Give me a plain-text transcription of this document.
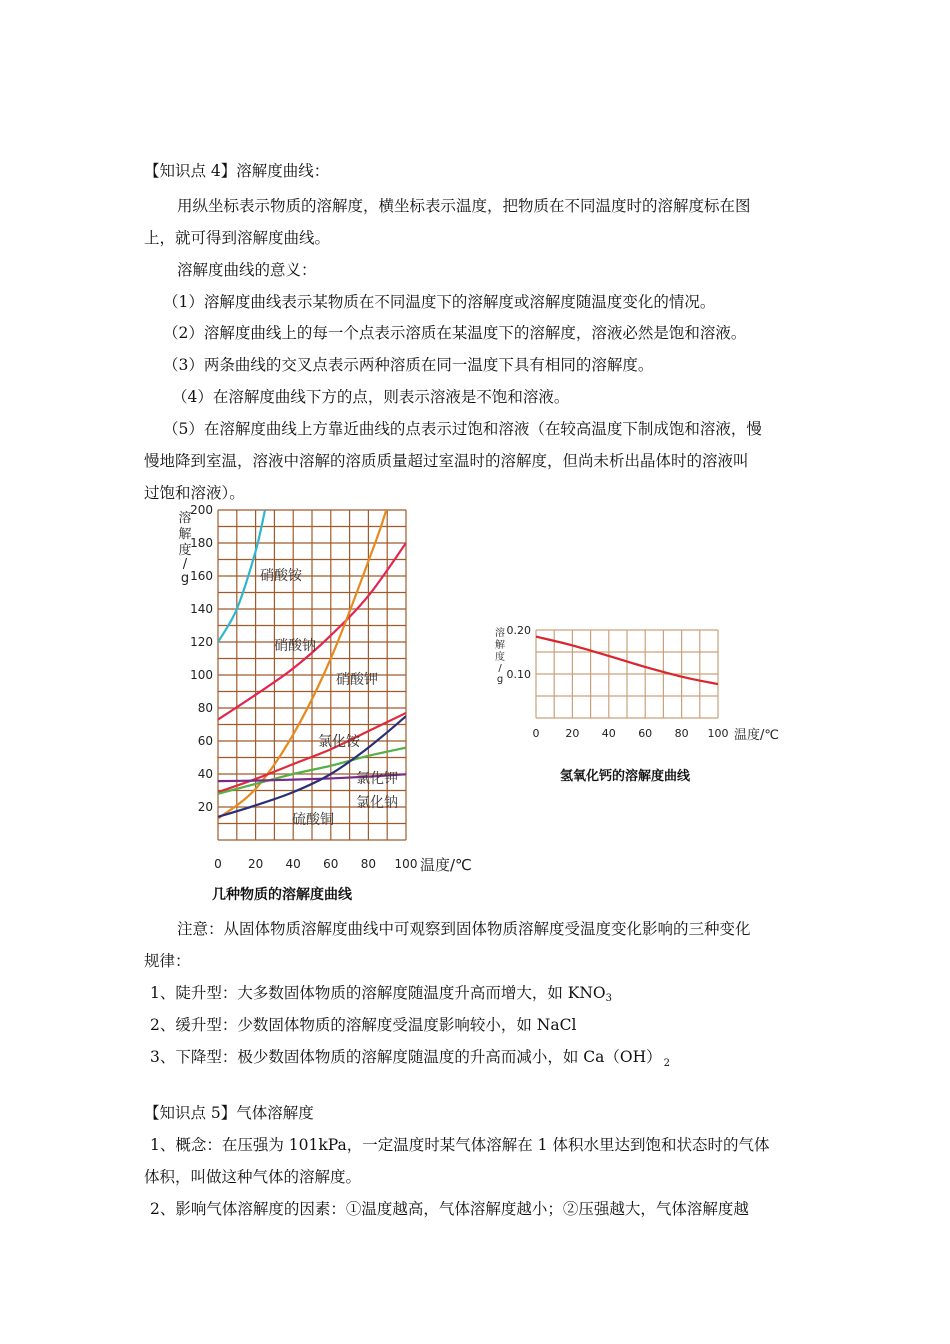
【知识点 4】溶解度曲线：
用纵坐标表示物质的溶解度，横坐标表示温度，把物质在不同温度时的溶解度标在图
上，就可得到溶解度曲线。
溶解度曲线的意义：
（1）溶解度曲线表示某物质在不同温度下的溶解度或溶解度随温度变化的情况。
（2）溶解度曲线上的每一个点表示溶质在某温度下的溶解度，溶液必然是饱和溶液。
（3）两条曲线的交叉点表示两种溶质在同一温度下具有相同的溶解度。
（4）在溶解度曲线下方的点，则表示溶液是不饱和溶液。
（5）在溶解度曲线上方靠近曲线的点表示过饱和溶液（在较高温度下制成饱和溶液，慢
慢地降到室温，溶液中溶解的溶质质量超过室温时的溶解度，但尚未析出晶体时的溶液叫
过饱和溶液）。
0 20 40 60 80 100
20
40
60
80
100
120
140
160
180
200
溶
解
度
/
g
温度/℃
几种物质的溶解度曲线
硝酸铵
硝酸钠
硝酸钾
氯化铵
氯化钾
氯化钠
硫酸铜
0 20 40 60 80 100
0.10
0.20
溶
解
度
/
g
温度/℃
氢氧化钙的溶解度曲线
注意：从固体物质溶解度曲线中可观察到固体物质溶解度受温度变化影响的三种变化
规律：
1、陡升型：大多数固体物质的溶解度随温度升高而增大，如 $KNO_3$
2、缓升型：少数固体物质的溶解度受温度影响较小，如 NaCl
3、下降型：极少数固体物质的溶解度随温度的升高而减小，如 Ca（OH） $_2$
【知识点 5】气体溶解度
1、概念：在压强为 101kPa，一定温度时某气体溶解在 1 体积水里达到饱和状态时的气体
体积，叫做这种气体的溶解度。
2、影响气体溶解度的因素：①温度越高，气体溶解度越小；②压强越大，气体溶解度越
